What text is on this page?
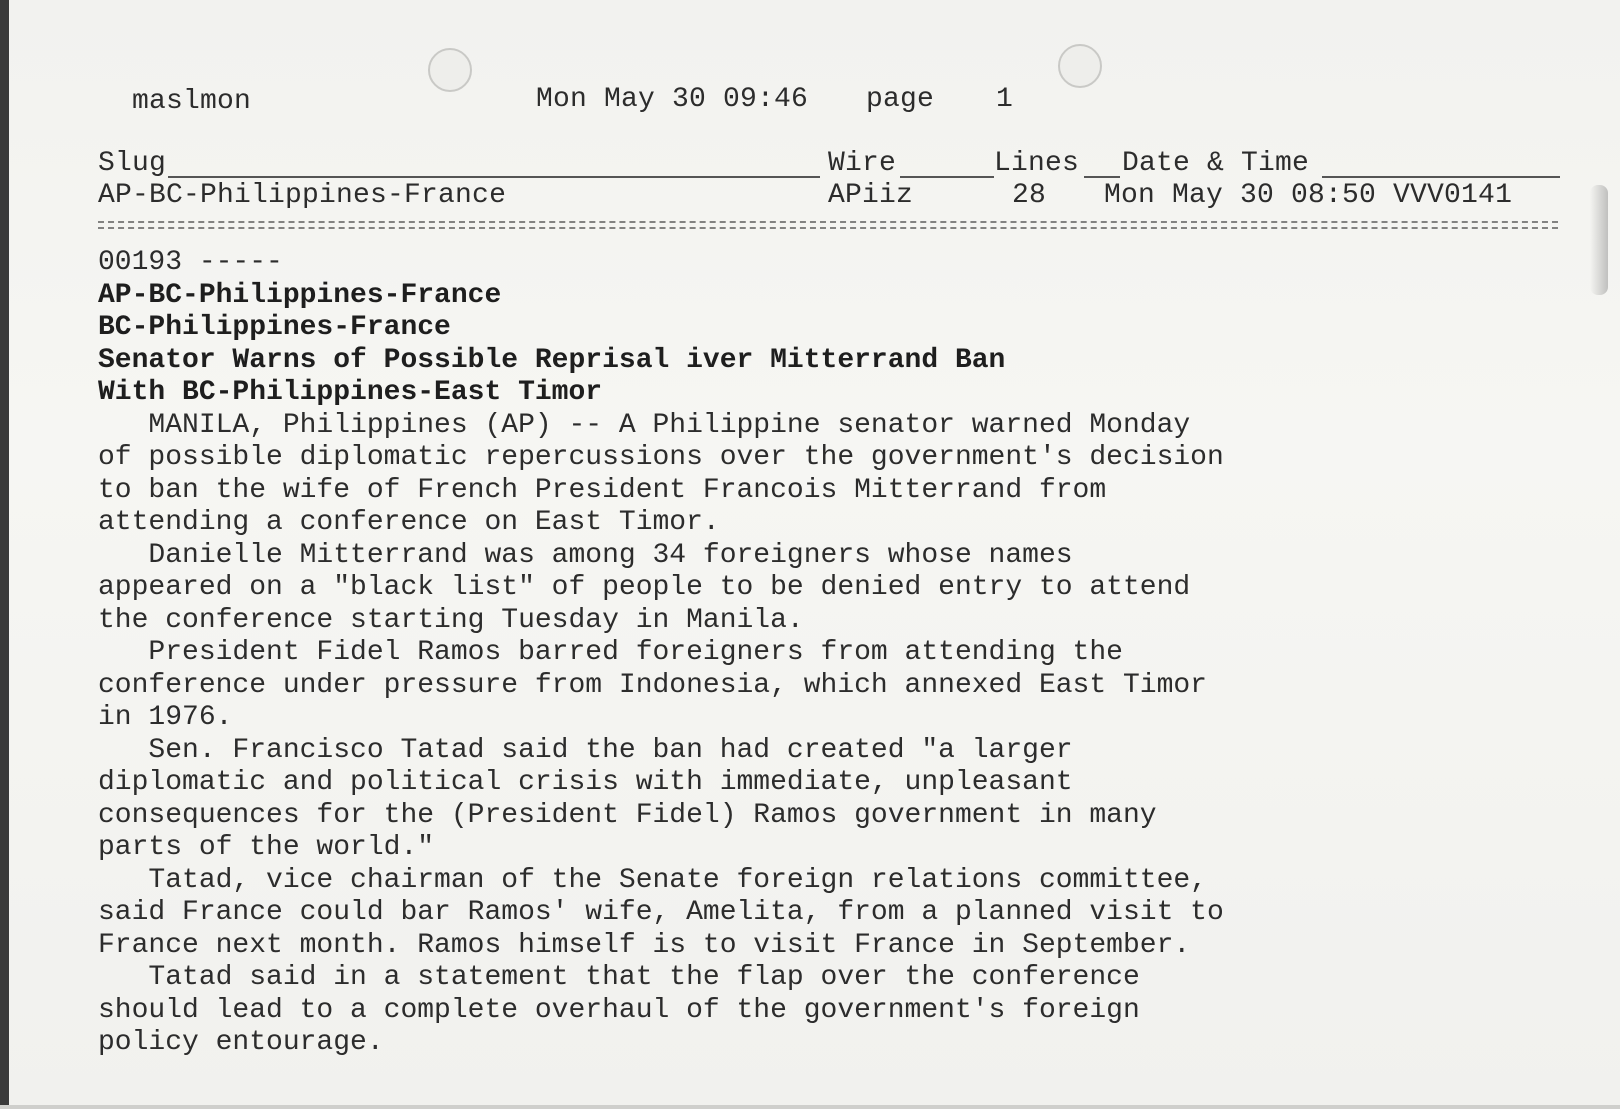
maslmon	Mon May 30 09:46 page 1
Slug	Wire	Lines Date & Time
AP-BC-Philippines-France	APiiz	28 Mon May 30 08:50 VVV0141
00193 -----
AP-BC-Philippines-France
BC-Philippines-France
Senator Warns of Possible Reprisal iver Mitterrand Ban
With BC-Philippines-East Timor
MANILA, Philippines (AP) -- A Philippine senator warned Monday
of possible diplomatic repercussions over the government's decision
to ban the wife of French President Francois Mitterrand from
attending a conference on East Timor.
Danielle Mitterrand was among 34 foreigners whose names
appeared on a "black list" of people to be denied entry to attend
the conference starting Tuesday in Manila.
President Fidel Ramos barred foreigners from attending the
conference under pressure from Indonesia, which annexed East Timor
in 1976.
Sen. Francisco Tatad said the ban had created "a larger
diplomatic and political crisis with immediate, unpleasant
consequences for the (President Fidel) Ramos government in many
parts of the world."
Tatad, vice chairman of the Senate foreign relations committee,
said France could bar Ramos' wife, Amelita, from a planned visit to
France next month. Ramos himself is to visit France in September.
Tatad said in a statement that the flap over the conference
should lead to a complete overhaul of the government's foreign
policy entourage.
